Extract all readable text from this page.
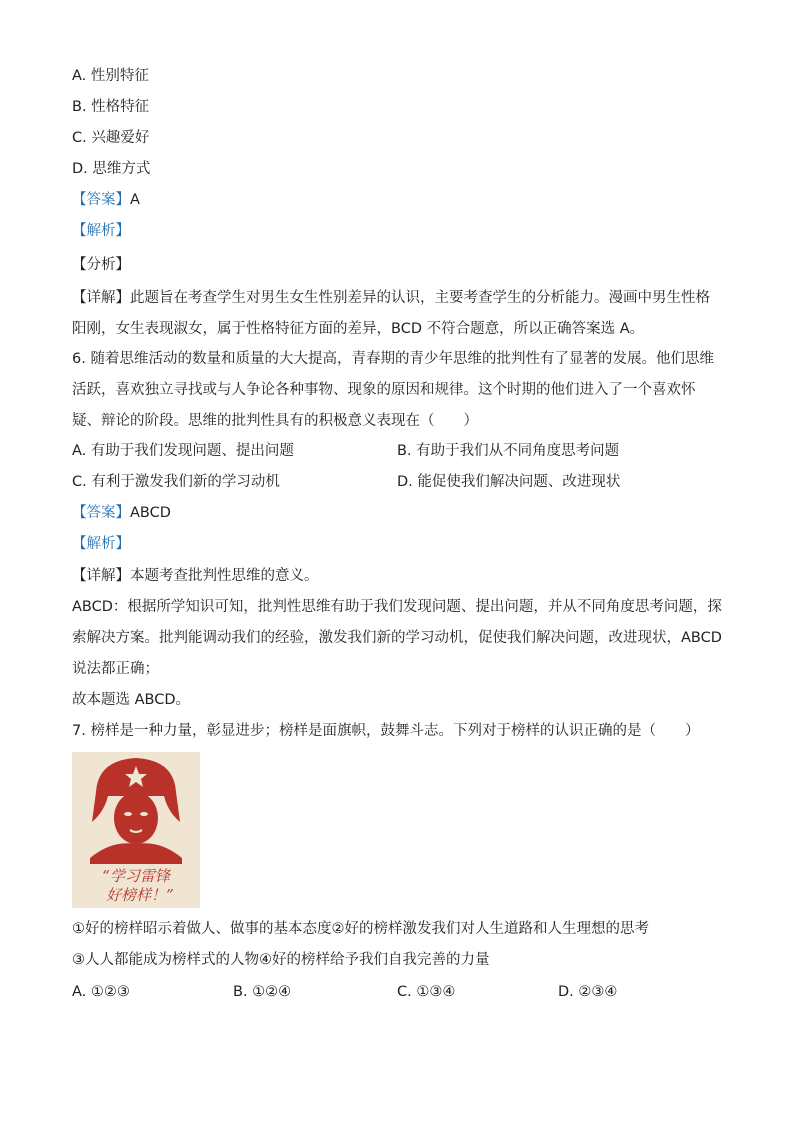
A. 性别特征
B. 性格特征
C. 兴趣爱好
D. 思维方式
【答案】A
【解析】
【分析】
【详解】此题旨在考查学生对男生女生性别差异的认识，主要考查学生的分析能力。漫画中男生性格阳刚，女生表现淑女，属于性格特征方面的差异，BCD 不符合题意，所以正确答案选 A。
6. 随着思维活动的数量和质量的大大提高，青春期的青少年思维的批判性有了显著的发展。他们思维活跃，喜欢独立寻找或与人争论各种事物、现象的原因和规律。这个时期的他们进入了一个喜欢怀疑、辩论的阶段。思维的批判性具有的积极意义表现在（　　）
A. 有助于我们发现问题、提出问题	B. 有助于我们从不同角度思考问题
C. 有利于激发我们新的学习动机	D. 能促使我们解决问题、改进现状
【答案】ABCD
【解析】
【详解】本题考查批判性思维的意义。
ABCD：根据所学知识可知，批判性思维有助于我们发现问题、提出问题，并从不同角度思考问题，探索解决方案。批判能调动我们的经验，激发我们新的学习动机，促使我们解决问题，改进现状，ABCD 说法都正确；
故本题选 ABCD。
7. 榜样是一种力量，彰显进步；榜样是面旗帜，鼓舞斗志。下列对于榜样的认识正确的是（　　）
“学习雷锋
好榜样！”
①好的榜样昭示着做人、做事的基本态度②好的榜样激发我们对人生道路和人生理想的思考
③人人都能成为榜样式的人物④好的榜样给予我们自我完善的力量
A. ①②③	B. ①②④	C. ①③④	D. ②③④
